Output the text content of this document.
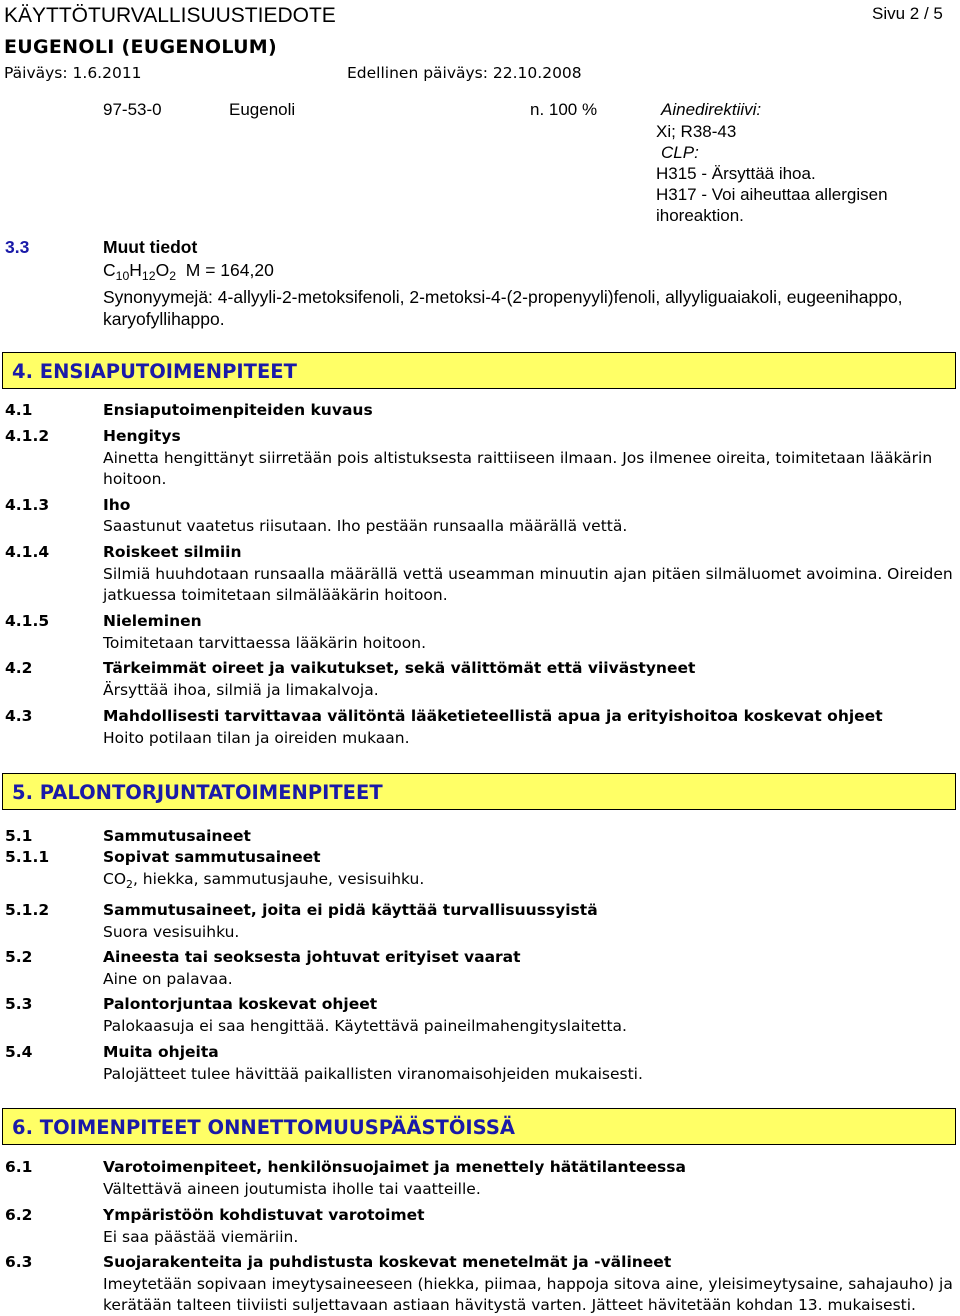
KÄYTTÖTURVALLISUUSTIEDOTE	Sivu 2 / 5
EUGENOLI (EUGENOLUM)
Päiväys: 1.6.2011	Edellinen päiväys: 22.10.2008
97-53-0	Eugenoli	n. 100 %	Ainedirektiivi:
Xi; R38-43
CLP:
H315 - Ärsyttää ihoa.
H317 - Voi aiheuttaa allergisen
ihoreaktion.
3.3	Muut tiedot
$C_{10}H_{12}O_2$ M = 164,20
Synonyymejä: 4-allyyli-2-metoksifenoli, 2-metoksi-4-(2-propenyyli)fenoli, allyyliguaiakoli, eugeenihappo,
karyofyllihappo.
4. ENSIAPUTOIMENPITEET
4.1	Ensiaputoimenpiteiden kuvaus
4.1.2	Hengitys
Ainetta hengittänyt siirretään pois altistuksesta raittiiseen ilmaan. Jos ilmenee oireita, toimitetaan lääkärin hoitoon.
4.1.3	Iho
Saastunut vaatetus riisutaan. Iho pestään runsaalla määrällä vettä.
4.1.4	Roiskeet silmiin
Silmiä huuhdotaan runsaalla määrällä vettä useamman minuutin ajan pitäen silmäluomet avoimina. Oireiden jatkuessa toimitetaan silmälääkärin hoitoon.
4.1.5	Nieleminen
Toimitetaan tarvittaessa lääkärin hoitoon.
4.2	Tärkeimmät oireet ja vaikutukset, sekä välittömät että viivästyneet
Ärsyttää ihoa, silmiä ja limakalvoja.
4.3	Mahdollisesti tarvittavaa välitöntä lääketieteellistä apua ja erityishoitoa koskevat ohjeet
Hoito potilaan tilan ja oireiden mukaan.
5. PALONTORJUNTATOIMENPITEET
5.1	Sammutusaineet
5.1.1	Sopivat sammutusaineet
$CO_2$, hiekka, sammutusjauhe, vesisuihku.
5.1.2	Sammutusaineet, joita ei pidä käyttää turvallisuussyistä
Suora vesisuihku.
5.2	Aineesta tai seoksesta johtuvat erityiset vaarat
Aine on palavaa.
5.3	Palontorjuntaa koskevat ohjeet
Palokaasuja ei saa hengittää. Käytettävä paineilmahengityslaitetta.
5.4	Muita ohjeita
Palojätteet tulee hävittää paikallisten viranomaisohjeiden mukaisesti.
6. TOIMENPITEET ONNETTOMUUSPÄÄSTÖISSÄ
6.1	Varotoimenpiteet, henkilönsuojaimet ja menettely hätätilanteessa
Vältettävä aineen joutumista iholle tai vaatteille.
6.2	Ympäristöön kohdistuvat varotoimet
Ei saa päästää viemäriin.
6.3	Suojarakenteita ja puhdistusta koskevat menetelmät ja -välineet
Imeytetään sopivaan imeytysaineeseen (hiekka, piimaa, happoja sitova aine, yleisimeytysaine, sahajauho) ja kerätään talteen tiiviisti suljettavaan astiaan hävitystä varten. Jätteet hävitetään kohdan 13. mukaisesti.
